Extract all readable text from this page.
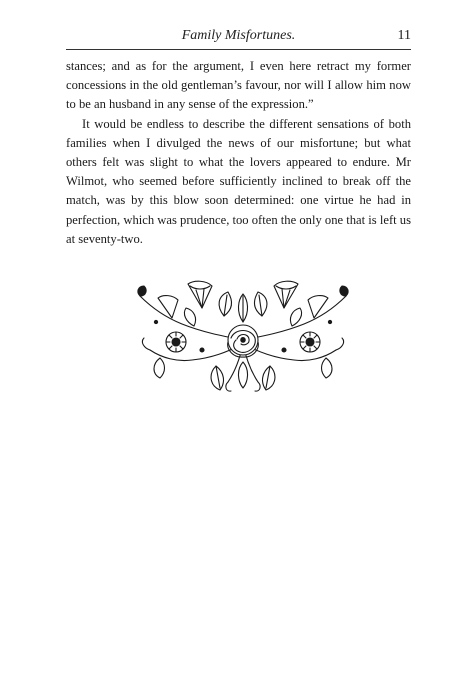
Family Misfortunes.	11

stances; and as for the argument, I even here retract my former concessions in the old gentleman’s favour, nor will I allow him now to be an husband in any sense of the expression.”

It would be endless to describe the different sensations of both families when I divulged the news of our misfortune; but what others felt was slight to what the lovers appeared to endure. Mr Wilmot, who seemed before sufficiently inclined to break off the match, was by this blow soon determined: one virtue he had in perfection, which was prudence, too often the only one that is left us at seventy-two.
